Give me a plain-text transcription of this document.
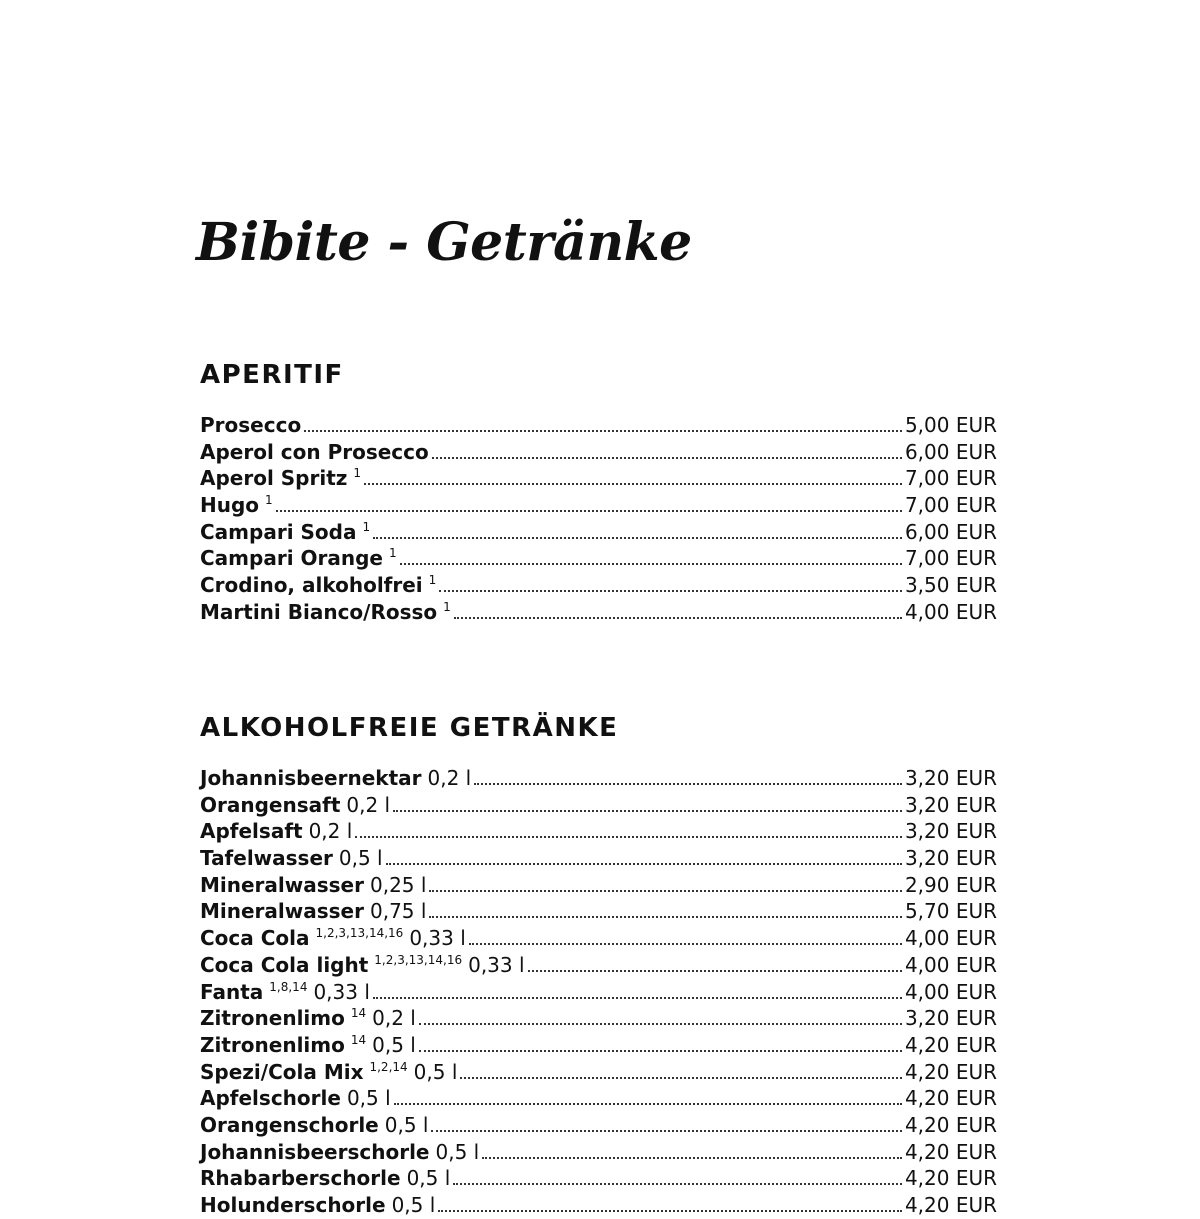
Bibite - Getränke
APERITIF
Prosecco	5,00 EUR
Aperol con Prosecco	6,00 EUR
Aperol Spritz $^1$	7,00 EUR
Hugo $^1$	7,00 EUR
Campari Soda $^1$	6,00 EUR
Campari Orange $^1$	7,00 EUR
Crodino, alkoholfrei $^1$	3,50 EUR
Martini Bianco/Rosso $^1$	4,00 EUR
ALKOHOLFREIE GETRÄNKE
Johannisbeernektar 0,2 l	3,20 EUR
Orangensaft 0,2 l	3,20 EUR
Apfelsaft 0,2 l	3,20 EUR
Tafelwasser 0,5 l	3,20 EUR
Mineralwasser 0,25 l	2,90 EUR
Mineralwasser 0,75 l	5,70 EUR
Coca Cola $^{1,2,3,13,14,16}$ 0,33 l	4,00 EUR
Coca Cola light $^{1,2,3,13,14,16}$ 0,33 l	4,00 EUR
Fanta $^{1,8,14}$ 0,33 l	4,00 EUR
Zitronenlimo $^{14}$ 0,2 l	3,20 EUR
Zitronenlimo $^{14}$ 0,5 l	4,20 EUR
Spezi/Cola Mix $^{1,2,14}$ 0,5 l	4,20 EUR
Apfelschorle 0,5 l	4,20 EUR
Orangenschorle 0,5 l	4,20 EUR
Johannisbeerschorle 0,5 l	4,20 EUR
Rhabarberschorle 0,5 l	4,20 EUR
Holunderschorle 0,5 l	4,20 EUR
